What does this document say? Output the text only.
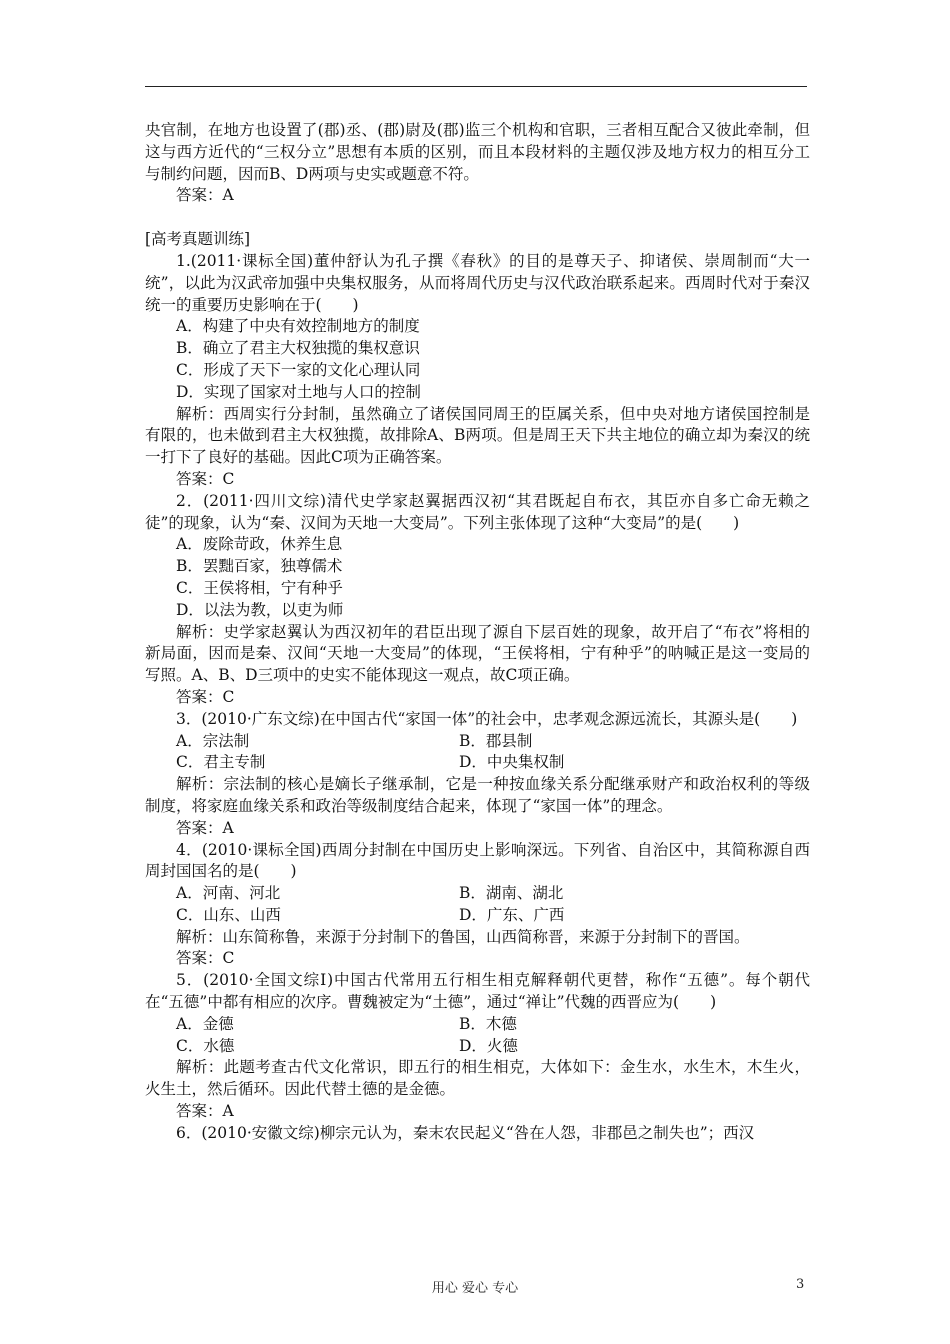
央官制，在地方也设置了(郡)丞、(郡)尉及(郡)监三个机构和官职，三者相互配合又彼此牵制，但这与西方近代的“三权分立”思想有本质的区别，而且本段材料的主题仅涉及地方权力的相互分工与制约问题，因而B、D两项与史实或题意不符。

答案：A

[高考真题训练]

1.(2011·课标全国)董仲舒认为孔子撰《春秋》的目的是尊天子、抑诸侯、崇周制而“大一统”，以此为汉武帝加强中央集权服务，从而将周代历史与汉代政治联系起来。西周时代对于秦汉统一的重要历史影响在于(　　)

A．构建了中央有效控制地方的制度

B．确立了君主大权独揽的集权意识

C．形成了天下一家的文化心理认同

D．实现了国家对土地与人口的控制

解析：西周实行分封制，虽然确立了诸侯国同周王的臣属关系，但中央对地方诸侯国控制是有限的，也未做到君主大权独揽，故排除A、B两项。但是周王天下共主地位的确立却为秦汉的统一打下了良好的基础。因此C项为正确答案。

答案：C

2．(2011·四川文综)清代史学家赵翼据西汉初“其君既起自布衣，其臣亦自多亡命无赖之徒”的现象，认为“秦、汉间为天地一大变局”。下列主张体现了这种“大变局”的是(　　)

A．废除苛政，休养生息

B．罢黜百家，独尊儒术

C．王侯将相，宁有种乎

D．以法为教，以吏为师

解析：史学家赵翼认为西汉初年的君臣出现了源自下层百姓的现象，故开启了“布衣”将相的新局面，因而是秦、汉间“天地一大变局”的体现，“王侯将相，宁有种乎”的呐喊正是这一变局的写照。A、B、D三项中的史实不能体现这一观点，故C项正确。

答案：C

3．(2010·广东文综)在中国古代“家国一体”的社会中，忠孝观念源远流长，其源头是(　　)

A．宗法制	B．郡县制
C．君主专制	D．中央集权制

解析：宗法制的核心是嫡长子继承制，它是一种按血缘关系分配继承财产和政治权利的等级制度，将家庭血缘关系和政治等级制度结合起来，体现了“家国一体”的理念。

答案：A

4．(2010·课标全国)西周分封制在中国历史上影响深远。下列省、自治区中，其简称源自西周封国国名的是(　　)

A．河南、河北	B．湖南、湖北
C．山东、山西	D．广东、广西

解析：山东简称鲁，来源于分封制下的鲁国，山西简称晋，来源于分封制下的晋国。

答案：C

5．(2010·全国文综Ⅰ)中国古代常用五行相生相克解释朝代更替，称作“五德”。每个朝代在“五德”中都有相应的次序。曹魏被定为“土德”，通过“禅让”代魏的西晋应为(　　)

A．金德	B．木德
C．水德	D．火德

解析：此题考查古代文化常识，即五行的相生相克，大体如下：金生水，水生木，木生火，火生土，然后循环。因此代替土德的是金德。

答案：A

6．(2010·安徽文综)柳宗元认为，秦末农民起义“咎在人怨，非郡邑之制失也”；西汉

用心 爱心 专心	3
